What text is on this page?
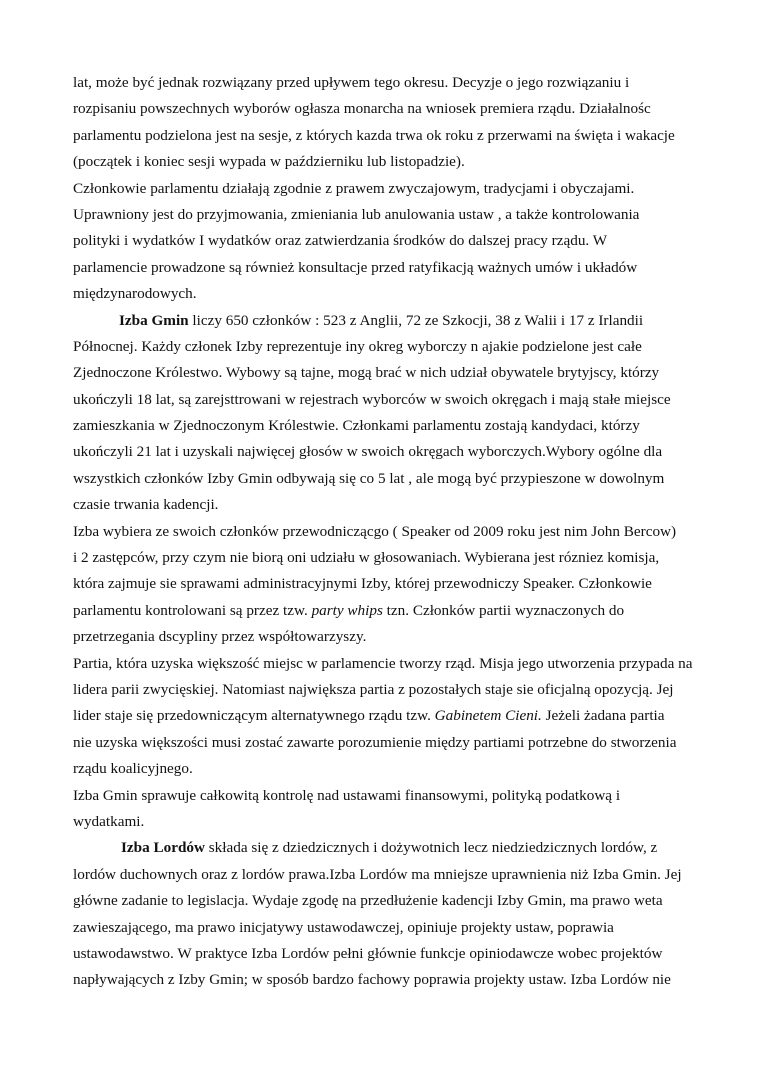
lat, może być jednak rozwiązany przed upływem tego okresu. Decyzje o jego rozwiązaniu i
rozpisaniu powszechnych wyborów ogłasza monarcha na wniosek premiera rządu. Działalnośc
parlamentu podzielona jest na sesje, z których kazda trwa ok roku z przerwami na święta i wakacje
(początek i koniec sesji wypada w październiku lub listopadzie).
Członkowie parlamentu działają zgodnie z prawem zwyczajowym, tradycjami i obyczajami.
Uprawniony jest do przyjmowania, zmieniania lub anulowania ustaw , a także kontrolowania
polityki i wydatków I wydatków oraz zatwierdzania środków do dalszej pracy rządu. W
parlamencie prowadzone są również konsultacje przed ratyfikacją ważnych umów i układów
międzynarodowych.
Izba Gmin liczy 650 członków : 523 z Anglii, 72 ze Szkocji, 38 z Walii i 17 z Irlandii
Północnej. Każdy członek Izby reprezentuje iny okreg wyborczy n ajakie podzielone jest całe
Zjednoczone Królestwo. Wybowy są tajne, mogą brać w nich udział obywatele brytyjscy, którzy
ukończyli 18 lat, są zarejsttrowani w rejestrach wyborców w swoich okręgach i mają stałe miejsce
zamieszkania w Zjednoczonym Królestwie. Członkami parlamentu zostają kandydaci, którzy
ukończyli 21 lat i uzyskali najwięcej głosów w swoich okręgach wyborczych.Wybory ogólne dla
wszystkich członków Izby Gmin odbywają się co 5 lat , ale mogą być przypieszone w dowolnym
czasie trwania kadencji.
Izba wybiera ze swoich członków przewodniczącgo ( Speaker od 2009 roku jest nim John Bercow)
i 2 zastępców, przy czym nie biorą oni udziału w głosowaniach. Wybierana jest rózniez komisja,
która zajmuje sie sprawami administracyjnymi Izby, której przewodniczy Speaker. Członkowie
parlamentu kontrolowani są przez tzw. party whips tzn. Członków partii wyznaczonych do
przetrzegania dscypliny przez współtowarzyszy.
Partia, która uzyska większość miejsc w parlamencie tworzy rząd. Misja jego utworzenia przypada na
lidera parii zwycięskiej. Natomiast największa partia z pozostałych staje sie oficjalną opozycją. Jej
lider staje się przedowniczącym alternatywnego rządu tzw. Gabinetem Cieni. Jeżeli żadana partia
nie uzyska większości musi zostać zawarte porozumienie między partiami potrzebne do stworzenia
rządu koalicyjnego.
Izba Gmin sprawuje całkowitą kontrolę nad ustawami finansowymi, polityką podatkową i
wydatkami.
Izba Lordów składa się z dziedzicznych i dożywotnich lecz niedziedzicznych lordów, z
lordów duchownych oraz z lordów prawa.Izba Lordów ma mniejsze uprawnienia niż Izba Gmin. Jej
główne zadanie to legislacja. Wydaje zgodę na przedłużenie kadencji Izby Gmin, ma prawo weta
zawieszającego, ma prawo inicjatywy ustawodawczej, opiniuje projekty ustaw, poprawia
ustawodawstwo. W praktyce Izba Lordów pełni głównie funkcje opiniodawcze wobec projektów
napływających z Izby Gmin; w sposób bardzo fachowy poprawia projekty ustaw. Izba Lordów nie
